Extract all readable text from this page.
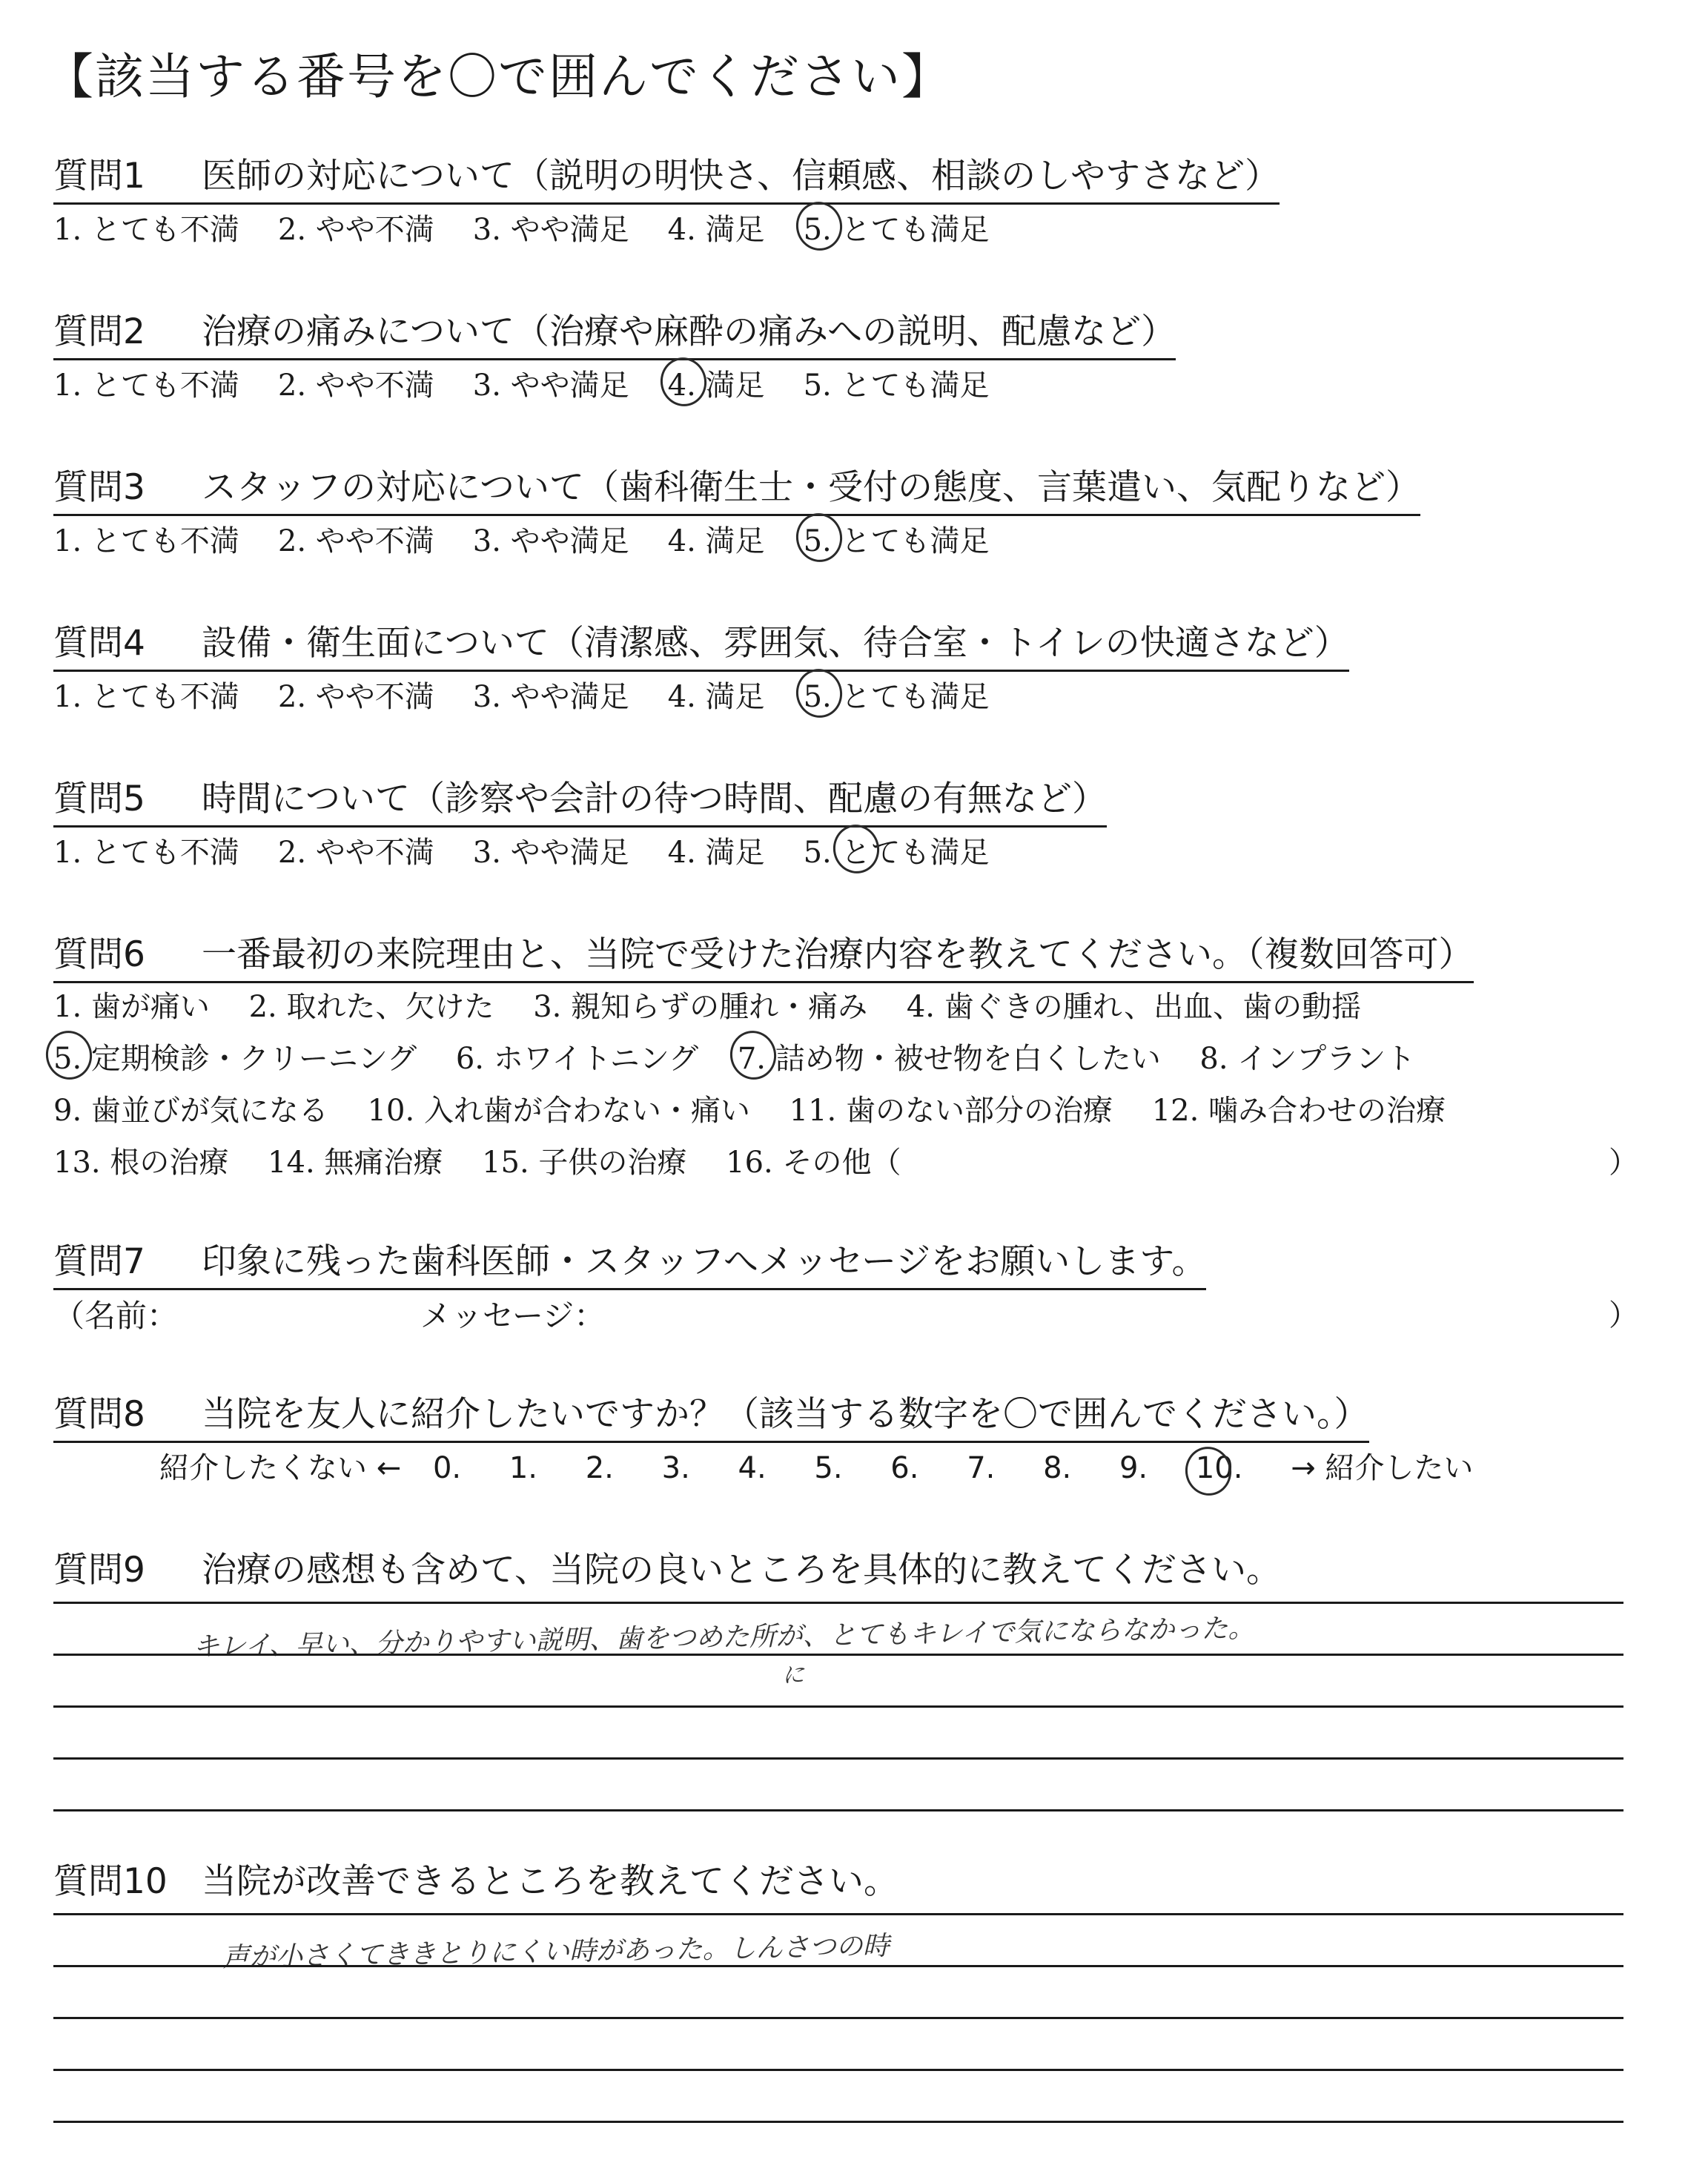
【該当する番号を〇で囲んでください】
質問1 医師の対応について（説明の明快さ、信頼感、相談のしやすさなど）
1. とても不満 2. やや不満 3. やや満足 4. 満足 5. とても満足
質問2 治療の痛みについて（治療や麻酔の痛みへの説明、配慮など）
1. とても不満 2. やや不満 3. やや満足 4. 満足 5. とても満足
質問3 スタッフの対応について（歯科衛生士・受付の態度、言葉遣い、気配りなど）
1. とても不満 2. やや不満 3. やや満足 4. 満足 5. とても満足
質問4 設備・衛生面について（清潔感、雰囲気、待合室・トイレの快適さなど）
1. とても不満 2. やや不満 3. やや満足 4. 満足 5. とても満足
質問5 時間について（診察や会計の待つ時間、配慮の有無など）
1. とても不満 2. やや不満 3. やや満足 4. 満足 5. とても満足
質問6 一番最初の来院理由と、当院で受けた治療内容を教えてください。（複数回答可）
1. 歯が痛い 2. 取れた、欠けた 3. 親知らずの腫れ・痛み 4. 歯ぐきの腫れ、出血、歯の動揺
5. 定期検診・クリーニング 6. ホワイトニング 7. 詰め物・被せ物を白くしたい 8. インプラント
9. 歯並びが気になる 10. 入れ歯が合わない・痛い 11. 歯のない部分の治療 12. 噛み合わせの治療
13. 根の治療 14. 無痛治療 15. 子供の治療 16. その他（	）
質問7 印象に残った歯科医師・スタッフへメッセージをお願いします。
（名前：	メッセージ：	）
質問8 当院を友人に紹介したいですか？（該当する数字を〇で囲んでください。）
紹介したくない ← 0. 1. 2. 3. 4. 5. 6. 7. 8. 9. 10. → 紹介したい
質問9 治療の感想も含めて、当院の良いところを具体的に教えてください。
キレイ、早い、分かりやすい説明、歯をつめた所が、とてもキレイで気にならなかった。
に
質問10 当院が改善できるところを教えてください。
声が小さくてききとりにくい時があった。しんさつの時
